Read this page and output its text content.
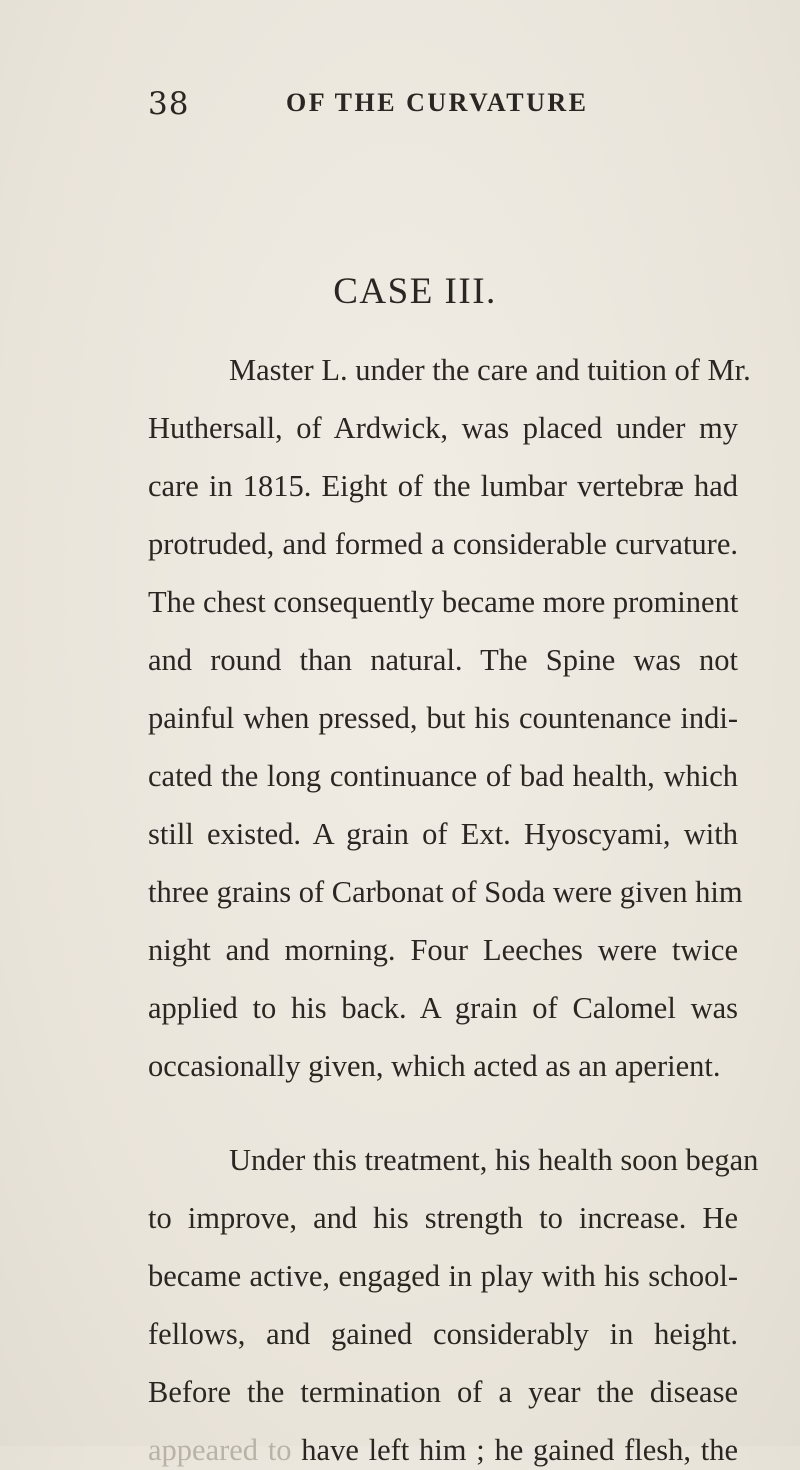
38	OF THE CURVATURE
CASE III.
Master L. under the care and tuition of Mr.
Huthersall, of Ardwick, was placed under my
care in 1815. Eight of the lumbar vertebræ had
protruded, and formed a considerable curvature.
The chest consequently became more prominent
and round than natural. The Spine was not
painful when pressed, but his countenance indi-
cated the long continuance of bad health, which
still existed. A grain of Ext. Hyoscyami, with
three grains of Carbonat of Soda were given him
night and morning. Four Leeches were twice
applied to his back. A grain of Calomel was
occasionally given, which acted as an aperient.
Under this treatment, his health soon began
to improve, and his strength to increase. He
became active, engaged in play with his school-
fellows, and gained considerably in height.
Before the termination of a year the disease
appeared to have left him ; he gained flesh, the
